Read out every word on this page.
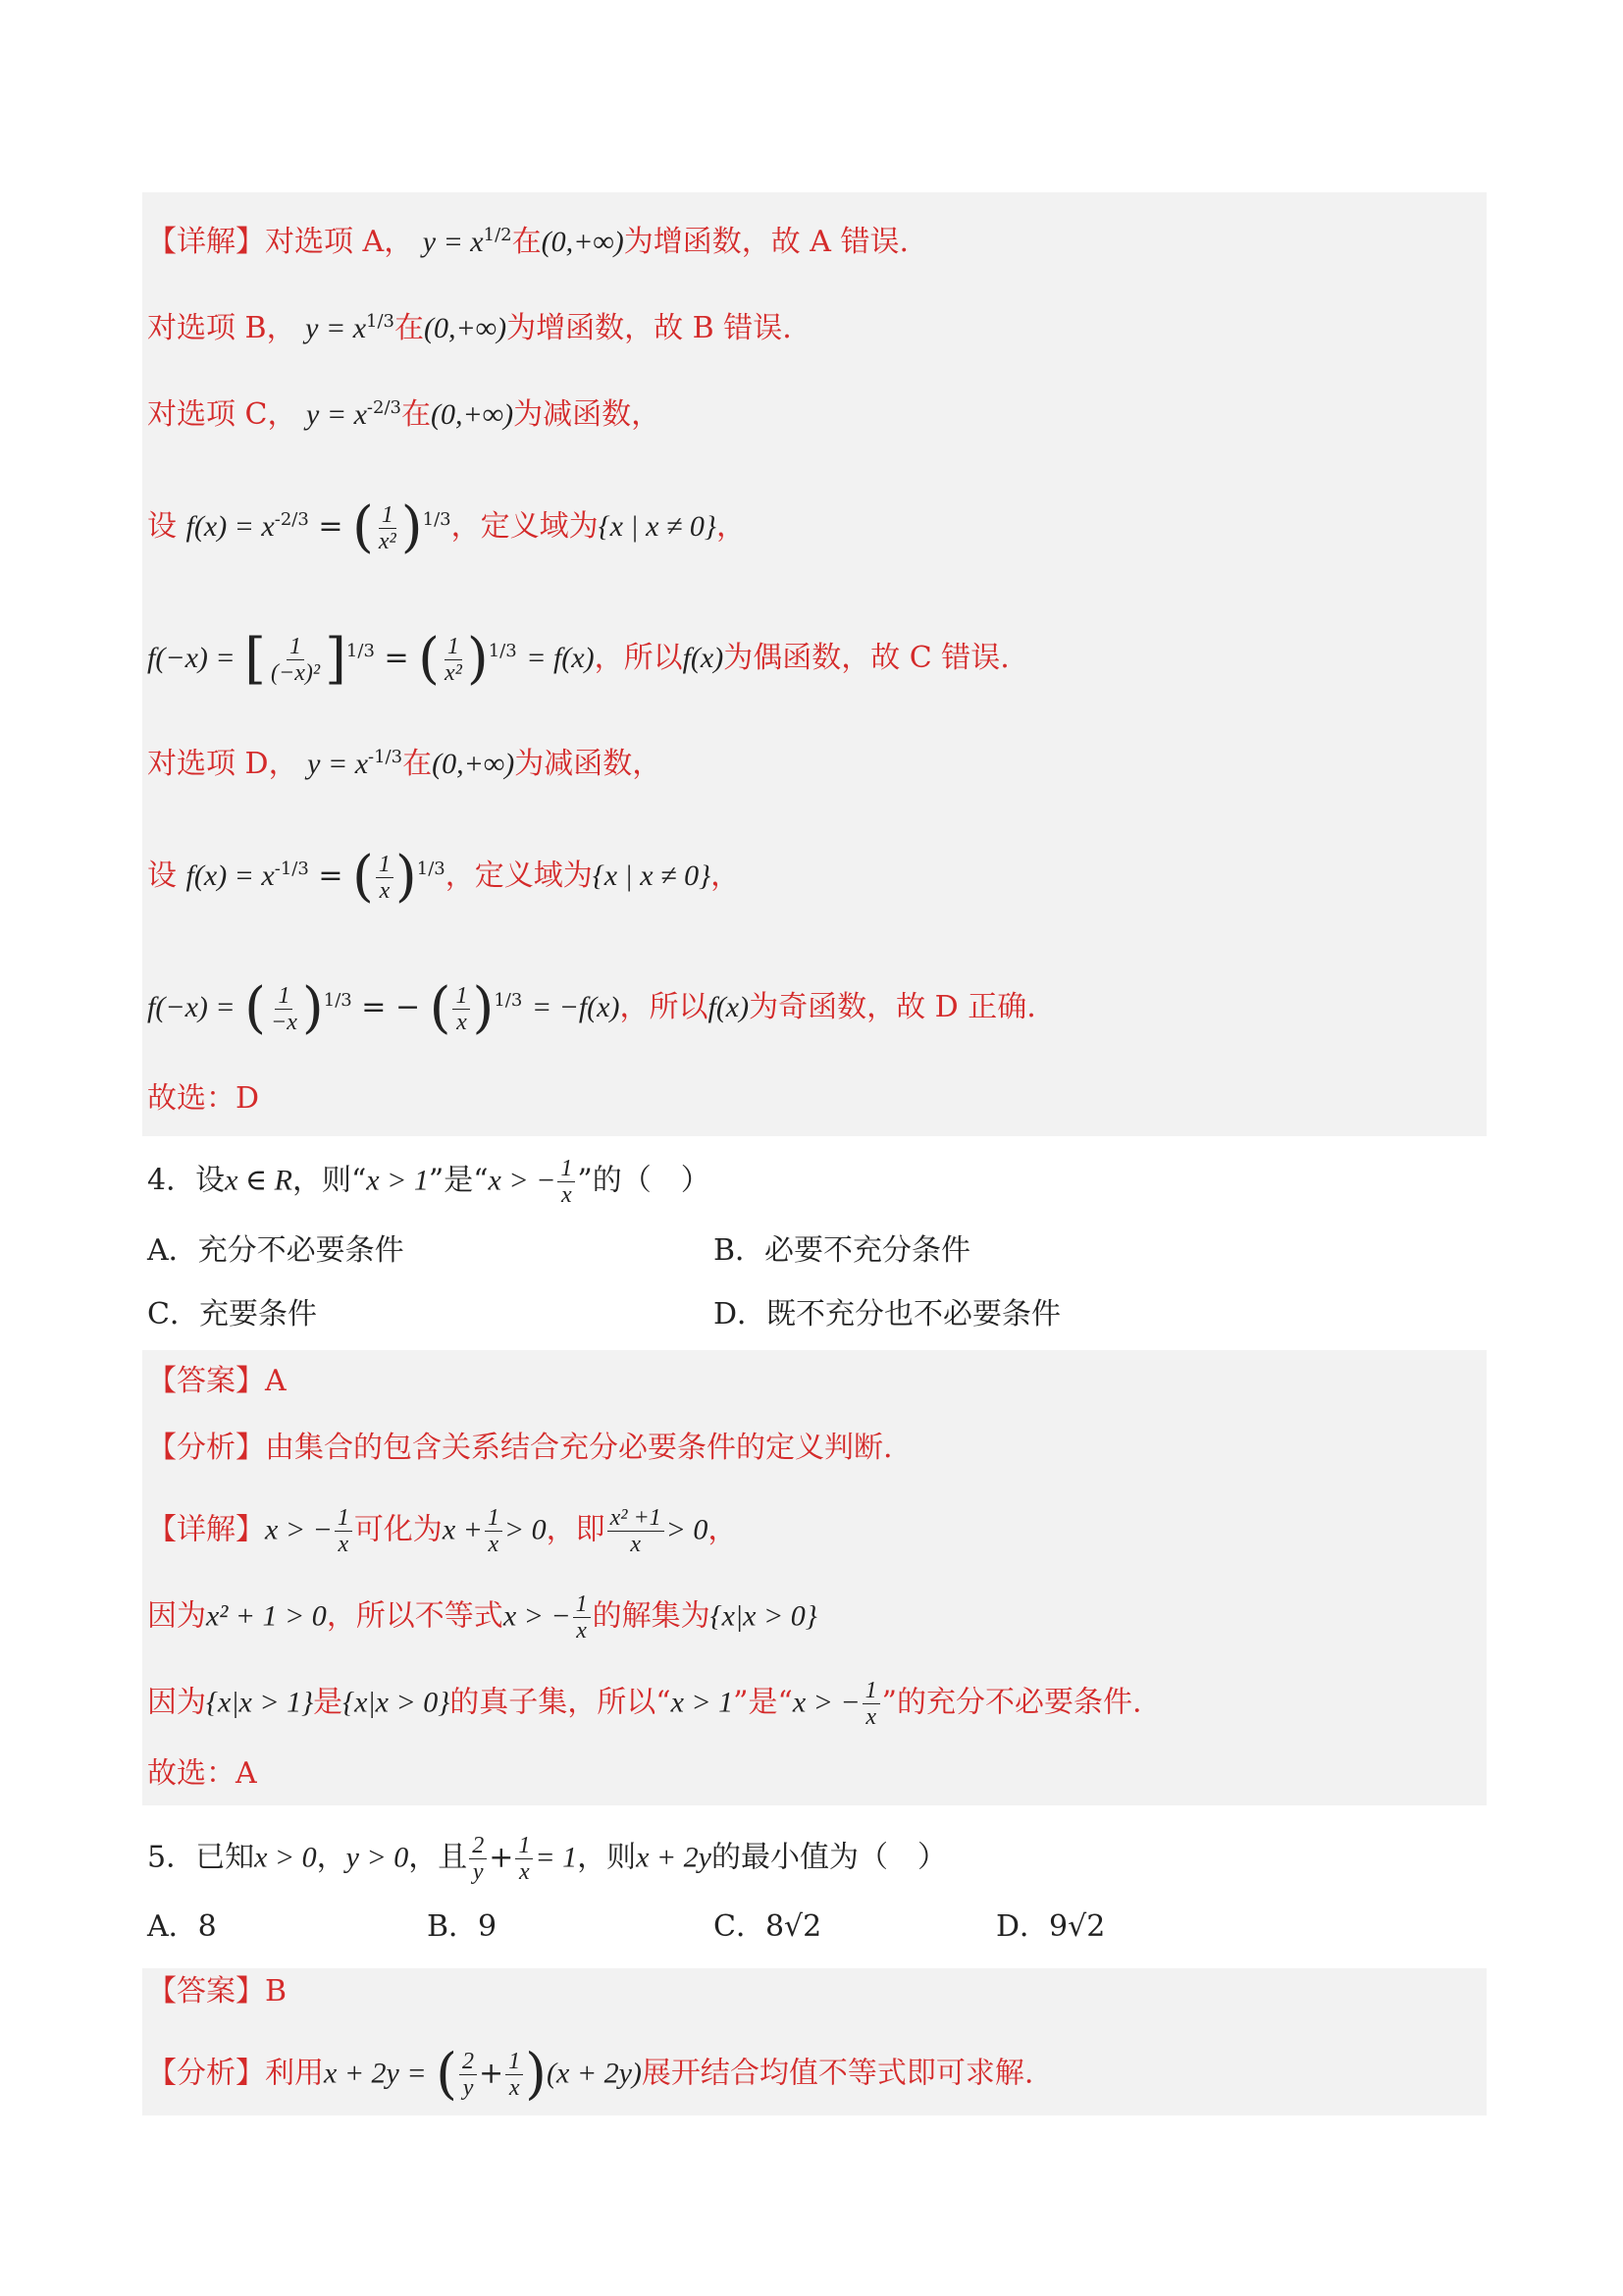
【详解】对选项 A， $y = x^{1/2}$在(0,+∞)为增函数，故 A 错误.
对选项 B， $y = x^{1/3}$在(0,+∞)为增函数，故 B 错误.
对选项 C， $y = x^{-2/3}$在(0,+∞)为减函数，
设 $f(x) = x^{-2/3}$ = ( $\frac{1}{\text{x²}} )^{1/3}$，定义域为{x | x ≠ 0}，
f(−x) = [ $\frac{1}{\text{(−x)²}} ]^{1/3}$ = ( $\frac{1}{\text{x²}} )^{1/3} = f(x)$，所以f(x)为偶函数，故 C 错误.
对选项 D， $y = x^{-1/3}$在(0,+∞)为减函数，
设 $f(x) = x^{-1/3}$ = ( $\frac{1}{x} )^{1/3}$，定义域为{x | x ≠ 0}，
f(−x) = ( $\frac{1}{-x} )^{1/3}$ = − ( $\frac{1}{x} )^{1/3} = -f(x)$，所以f(x)为奇函数，故 D 正确.
故选：D
4．设x ∈ R，则“x > 1”是“x > − $\frac{1}{x}$ ”的（　）
A．充分不必要条件	B．必要不充分条件
C．充要条件	D．既不充分也不必要条件
【答案】A
【分析】由集合的包含关系结合充分必要条件的定义判断.
【详解】x > − $\frac{1}{x}$ 可化为$x + \frac{1}{x} > 0$，即 $\frac{\text{x² +1}}{x} > 0$，
因为x² + 1 > 0，所以不等式x > − $\frac{1}{x}$ 的解集为{x|x > 0}
因为{x|x > 1}是{x|x > 0}的真子集，所以“x > 1”是“x > − $\frac{1}{x}$ ”的充分不必要条件.
故选：A
5．已知x > 0，y > 0，且 $\frac{2}{y} + \frac{1}{x} = 1$，则x + 2y的最小值为（　）
A．8	B．9	C．8√2	D．9√2
【答案】B
【分析】利用x + 2y = ( $\frac{2}{y} + \frac{1}{x} )(x + 2y)$展开结合均值不等式即可求解.
